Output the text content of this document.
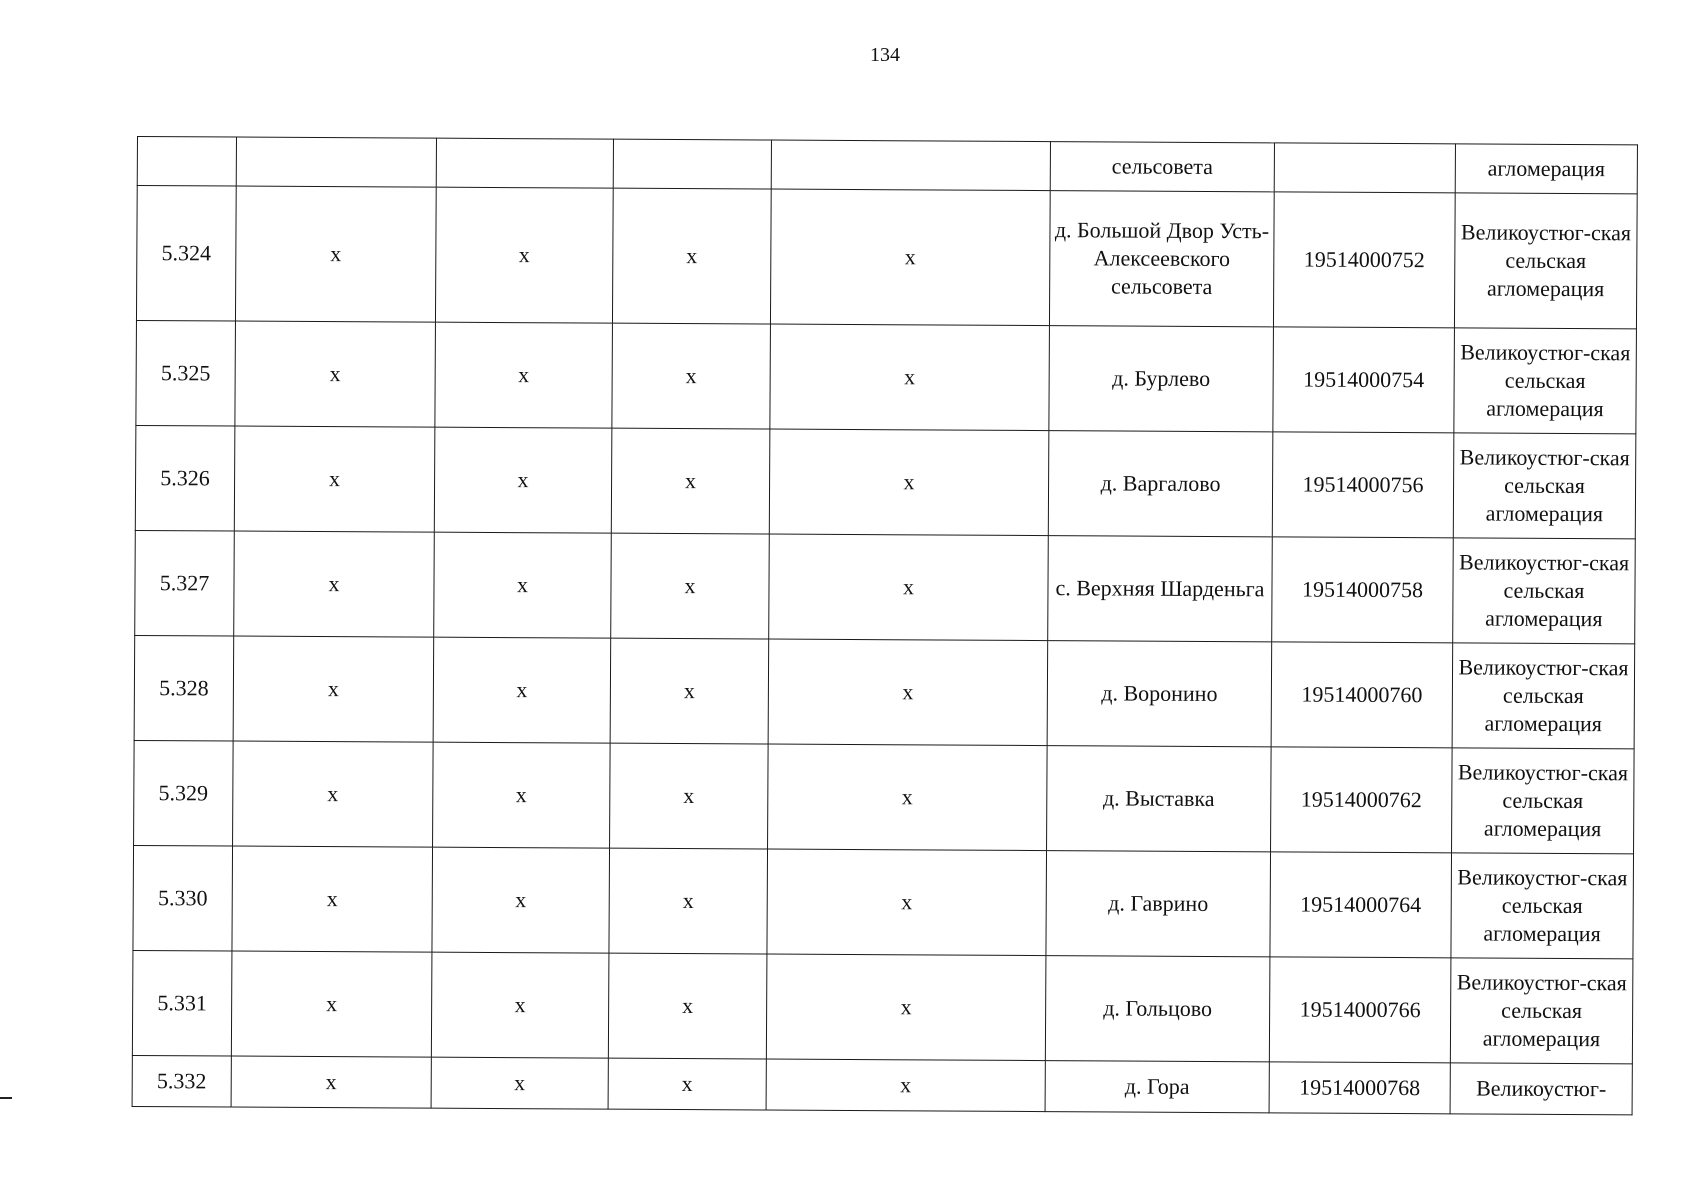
134
					сельсовета		агломерация
5.324	х	х	х	х	д. Большой Двор Усть-Алексеевского сельсовета	19514000752	Великоустюг-ская сельская агломерация
5.325	х	х	х	х	д. Бурлево	19514000754	Великоустюг-ская сельская агломерация
5.326	х	х	х	х	д. Варгалово	19514000756	Великоустюг-ская сельская агломерация
5.327	х	х	х	х	с. Верхняя Шарденьга	19514000758	Великоустюг-ская сельская агломерация
5.328	х	х	х	х	д. Воронино	19514000760	Великоустюг-ская сельская агломерация
5.329	х	х	х	х	д. Выставка	19514000762	Великоустюг-ская сельская агломерация
5.330	х	х	х	х	д. Гаврино	19514000764	Великоустюг-ская сельская агломерация
5.331	х	х	х	х	д. Гольцово	19514000766	Великоустюг-ская сельская агломерация
5.332	х	х	х	х	д. Гора	19514000768	Великоустюг-
